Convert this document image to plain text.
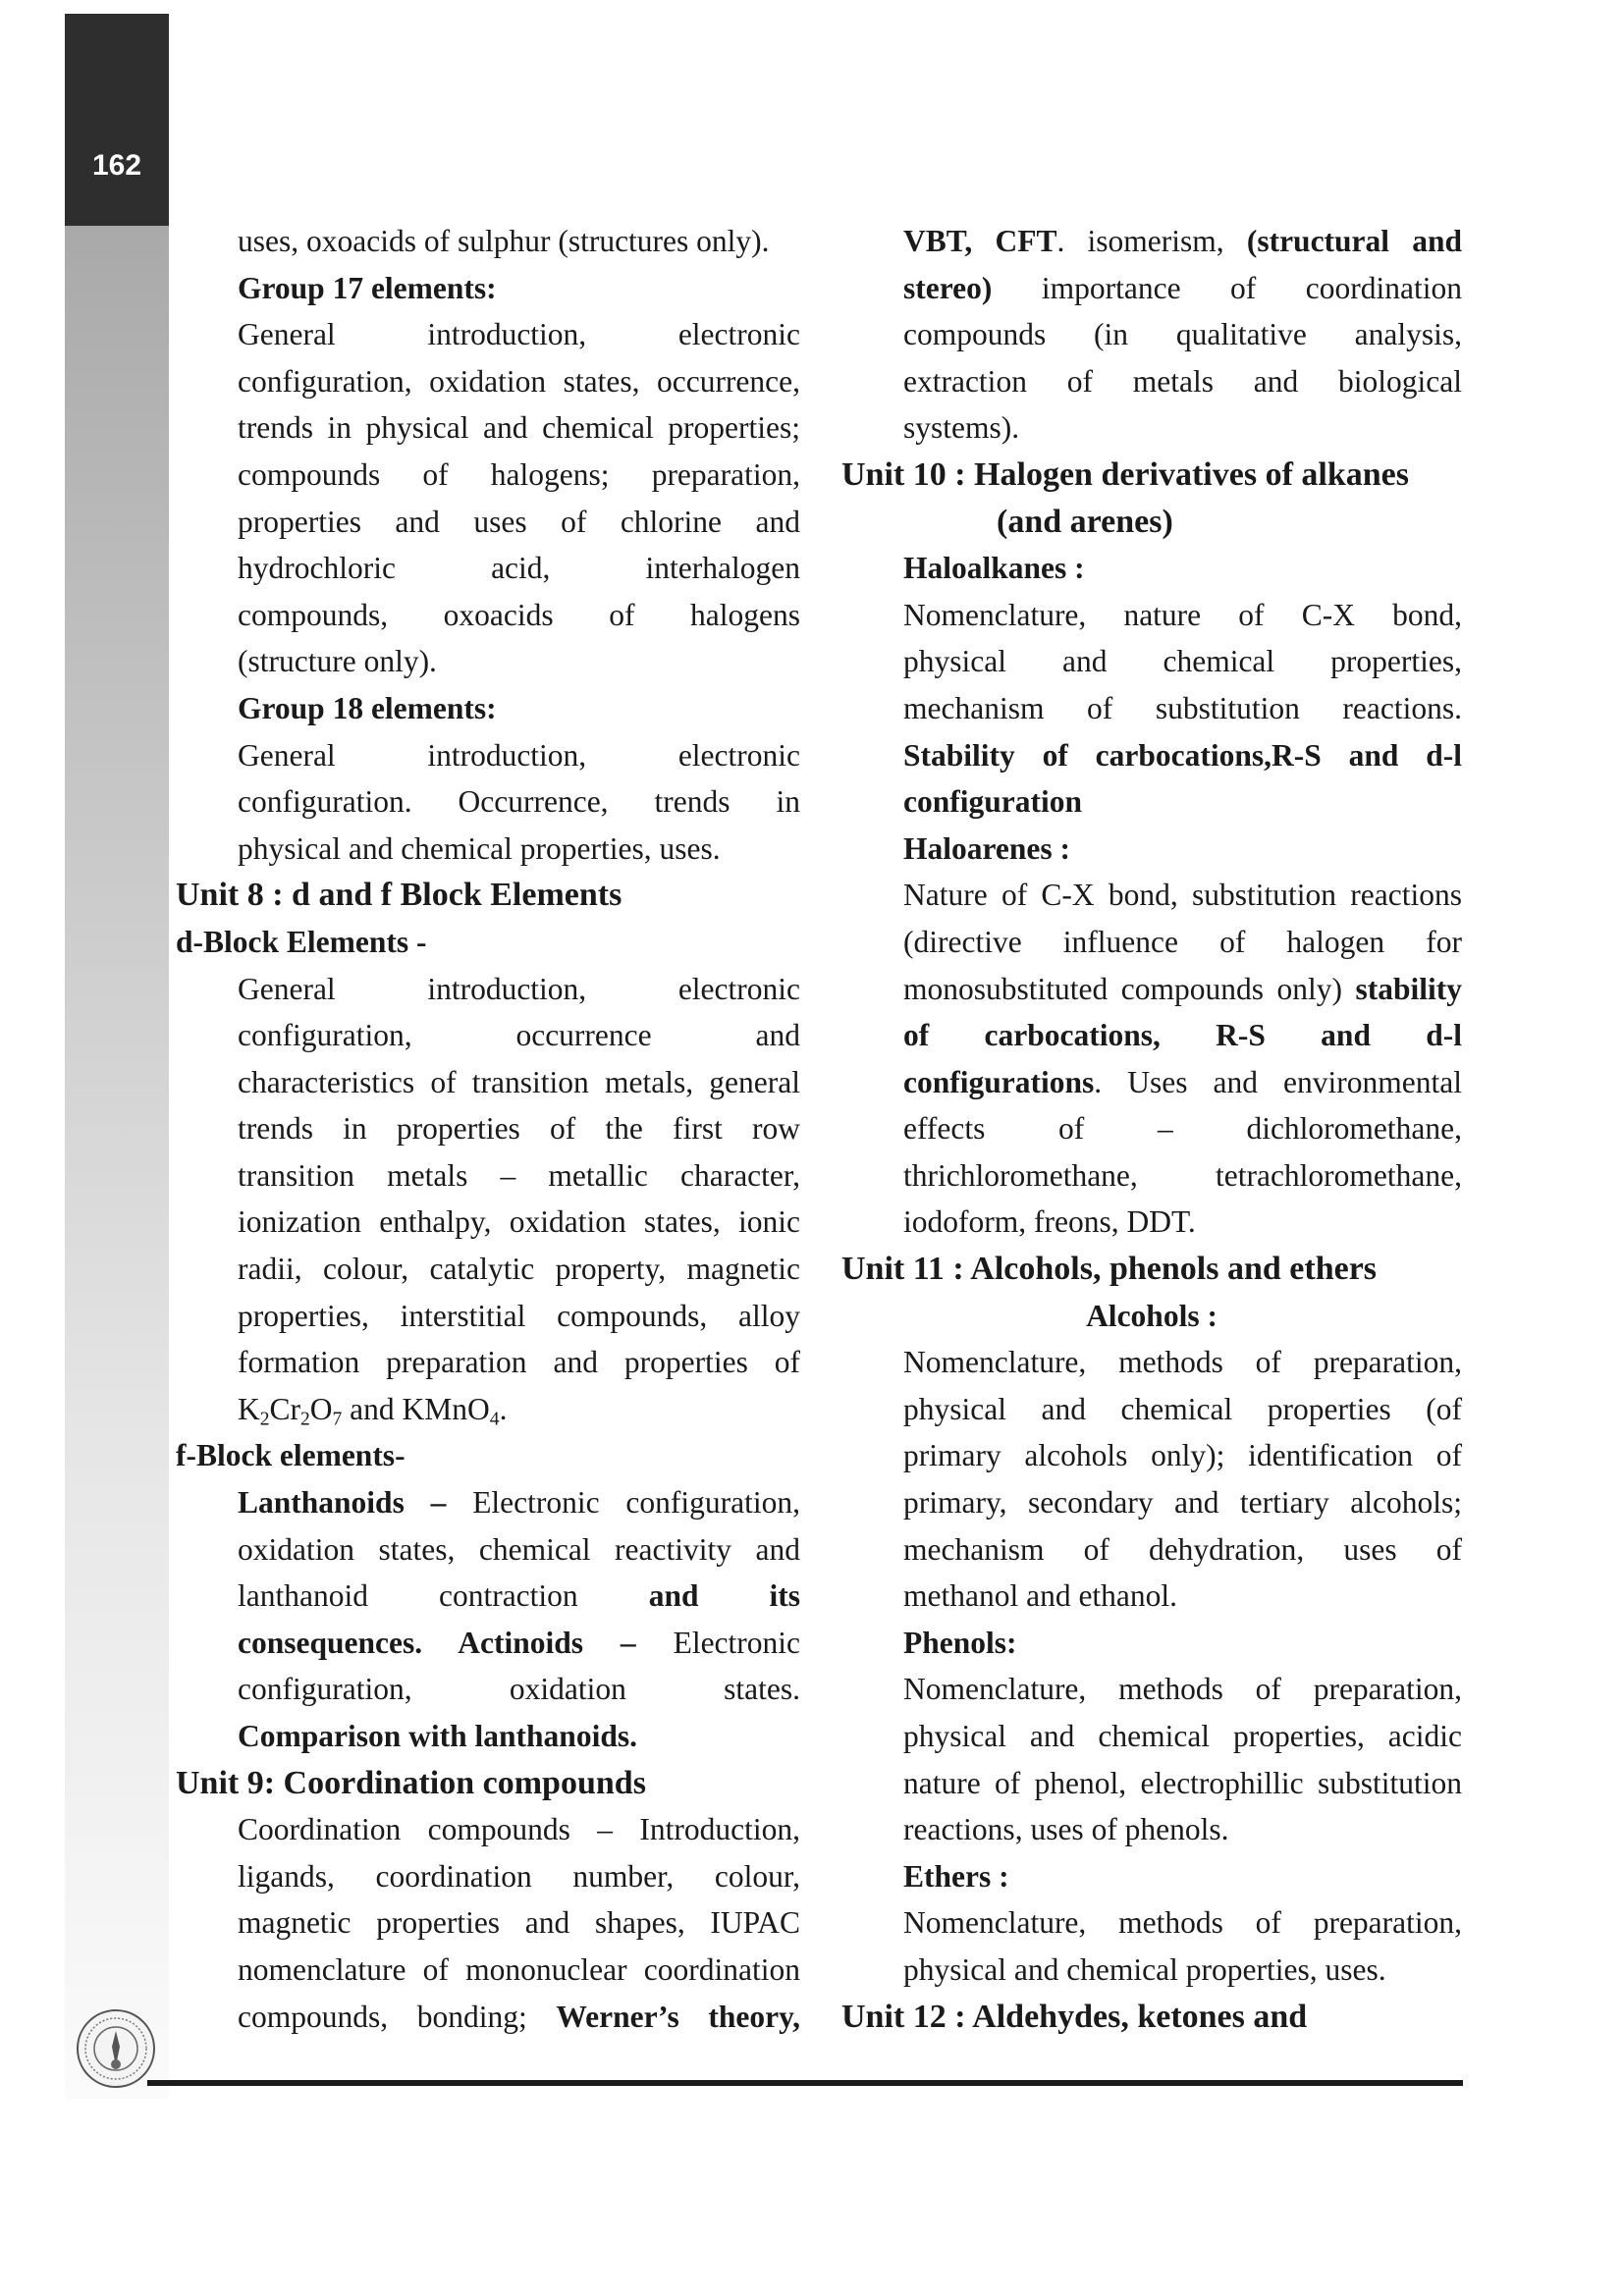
162
uses, oxoacids of sulphur (structures only).
Group 17 elements:
General introduction, electronic
configuration, oxidation states, occurrence,
trends in physical and chemical properties;
compounds of halogens; preparation,
properties and uses of chlorine and
hydrochloric acid, interhalogen
compounds, oxoacids of halogens
(structure only).
Group 18 elements:
General introduction, electronic
configuration. Occurrence, trends in
physical and chemical properties, uses.
Unit 8 : d and f Block Elements
d-Block Elements -
General introduction, electronic
configuration, occurrence and
characteristics of transition metals, general
trends in properties of the first row
transition metals – metallic character,
ionization enthalpy, oxidation states, ionic
radii, colour, catalytic property, magnetic
properties, interstitial compounds, alloy
formation preparation and properties of
$K_2Cr_2O_7$ and KMnO$_4$.
f-Block elements-
Lanthanoids – Electronic configuration,
oxidation states, chemical reactivity and
lanthanoid contraction and its
consequences. Actinoids – Electronic
configuration, oxidation states.
Comparison with lanthanoids.
Unit 9: Coordination compounds
Coordination compounds – Introduction,
ligands, coordination number, colour,
magnetic properties and shapes, IUPAC
nomenclature of mononuclear coordination
compounds, bonding; Werner’s theory,
VBT, CFT. isomerism, (structural and
stereo) importance of coordination
compounds (in qualitative analysis,
extraction of metals and biological
systems).
Unit 10 : Halogen derivatives of alkanes
(and arenes)
Haloalkanes :
Nomenclature, nature of C-X bond,
physical and chemical properties,
mechanism of substitution reactions.
Stability of carbocations,R-S and d-l
configuration
Haloarenes :
Nature of C-X bond, substitution reactions
(directive influence of halogen for
monosubstituted compounds only) stability
of carbocations, R-S and d-l
configurations. Uses and environmental
effects of – dichloromethane,
thrichloromethane, tetrachloromethane,
iodoform, freons, DDT.
Unit 11 : Alcohols, phenols and ethers
Alcohols :
Nomenclature, methods of preparation,
physical and chemical properties (of
primary alcohols only); identification of
primary, secondary and tertiary alcohols;
mechanism of dehydration, uses of
methanol and ethanol.
Phenols:
Nomenclature, methods of preparation,
physical and chemical properties, acidic
nature of phenol, electrophillic substitution
reactions, uses of phenols.
Ethers :
Nomenclature, methods of preparation,
physical and chemical properties, uses.
Unit 12 : Aldehydes, ketones and
